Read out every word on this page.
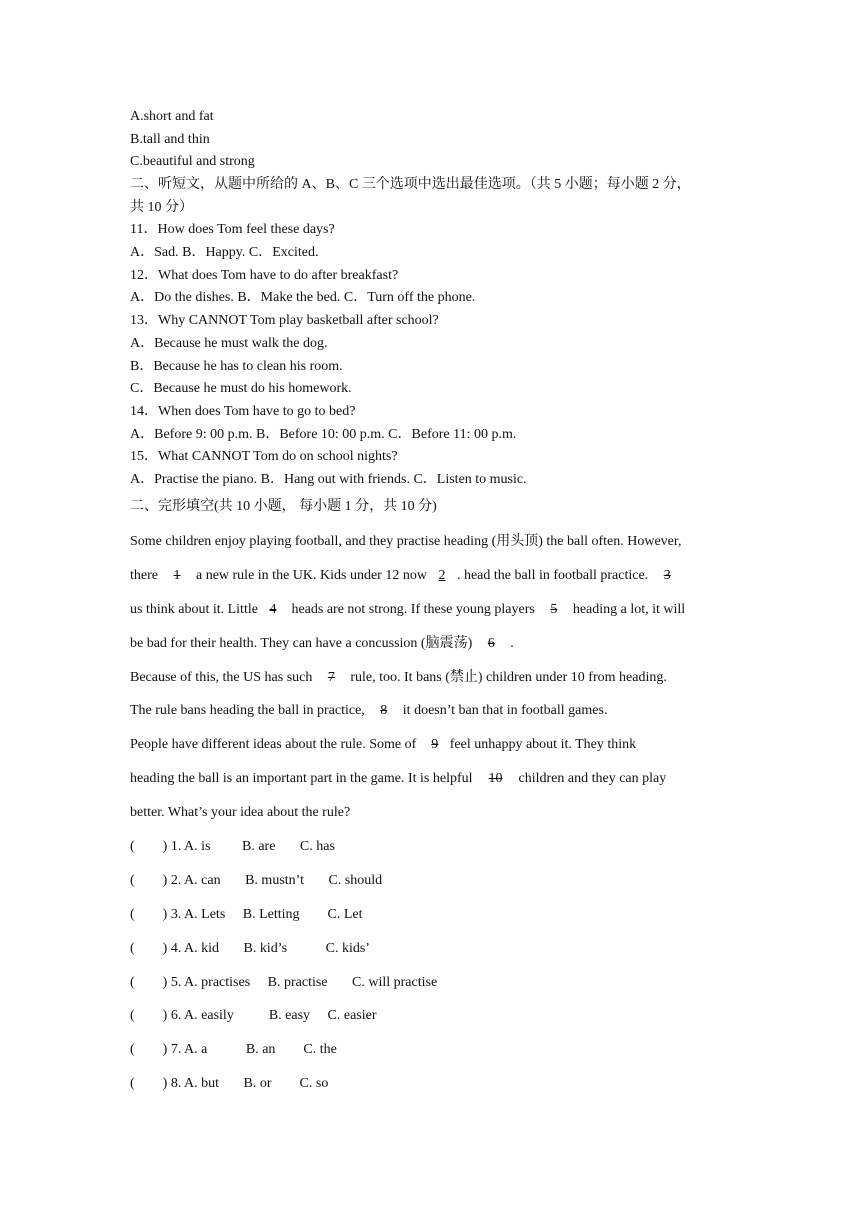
A.short and fat
B.tall and thin
C.beautiful and strong
二、听短文，从题中所给的 A、B、C 三个选项中选出最佳选项。（共 5 小题；每小题 2 分，
共 10 分）
11．How does Tom feel these days?
A．Sad. B．Happy. C．Excited.
12．What does Tom have to do after breakfast?
A．Do the dishes. B．Make the bed. C．Turn off the phone.
13．Why CANNOT Tom play basketball after school?
A．Because he must walk the dog.
B．Because he has to clean his room.
C．Because he must do his homework.
14．When does Tom have to go to bed?
A．Before 9: 00 p.m. B．Before 10: 00 p.m. C．Before 11: 00 p.m.
15．What CANNOT Tom do on school nights?
A．Practise the piano. B．Hang out with friends. C．Listen to music.
二、完形填空(共 10 小题， 每小题 1 分，共 10 分)
Some children enjoy playing football, and they practise heading (用头顶) the ball often. However,
there 1 a new rule in the UK. Kids under 12 now 2 . head the ball in football practice. 3
us think about it. Little 4 heads are not strong. If these young players 5 heading a lot, it will
be bad for their health. They can have a concussion (脑震荡) 6 .
Because of this, the US has such 7 rule, too. It bans (禁止) children under 10 from heading.
The rule bans heading the ball in practice, 8 it doesn’t ban that in football games.
People have different ideas about the rule. Some of 9 feel unhappy about it. They think
heading the ball is an important part in the game. It is helpful 10 children and they can play
better. What’s your idea about the rule?
(        ) 1. A. is         B. are       C. has
(        ) 2. A. can       B. mustn’t       C. should
(        ) 3. A. Lets     B. Letting        C. Let
(        ) 4. A. kid       B. kid’s           C. kids’
(        ) 5. A. practises     B. practise       C. will practise
(        ) 6. A. easily          B. easy     C. easier
(        ) 7. A. a           B. an        C. the
(        ) 8. A. but       B. or        C. so
